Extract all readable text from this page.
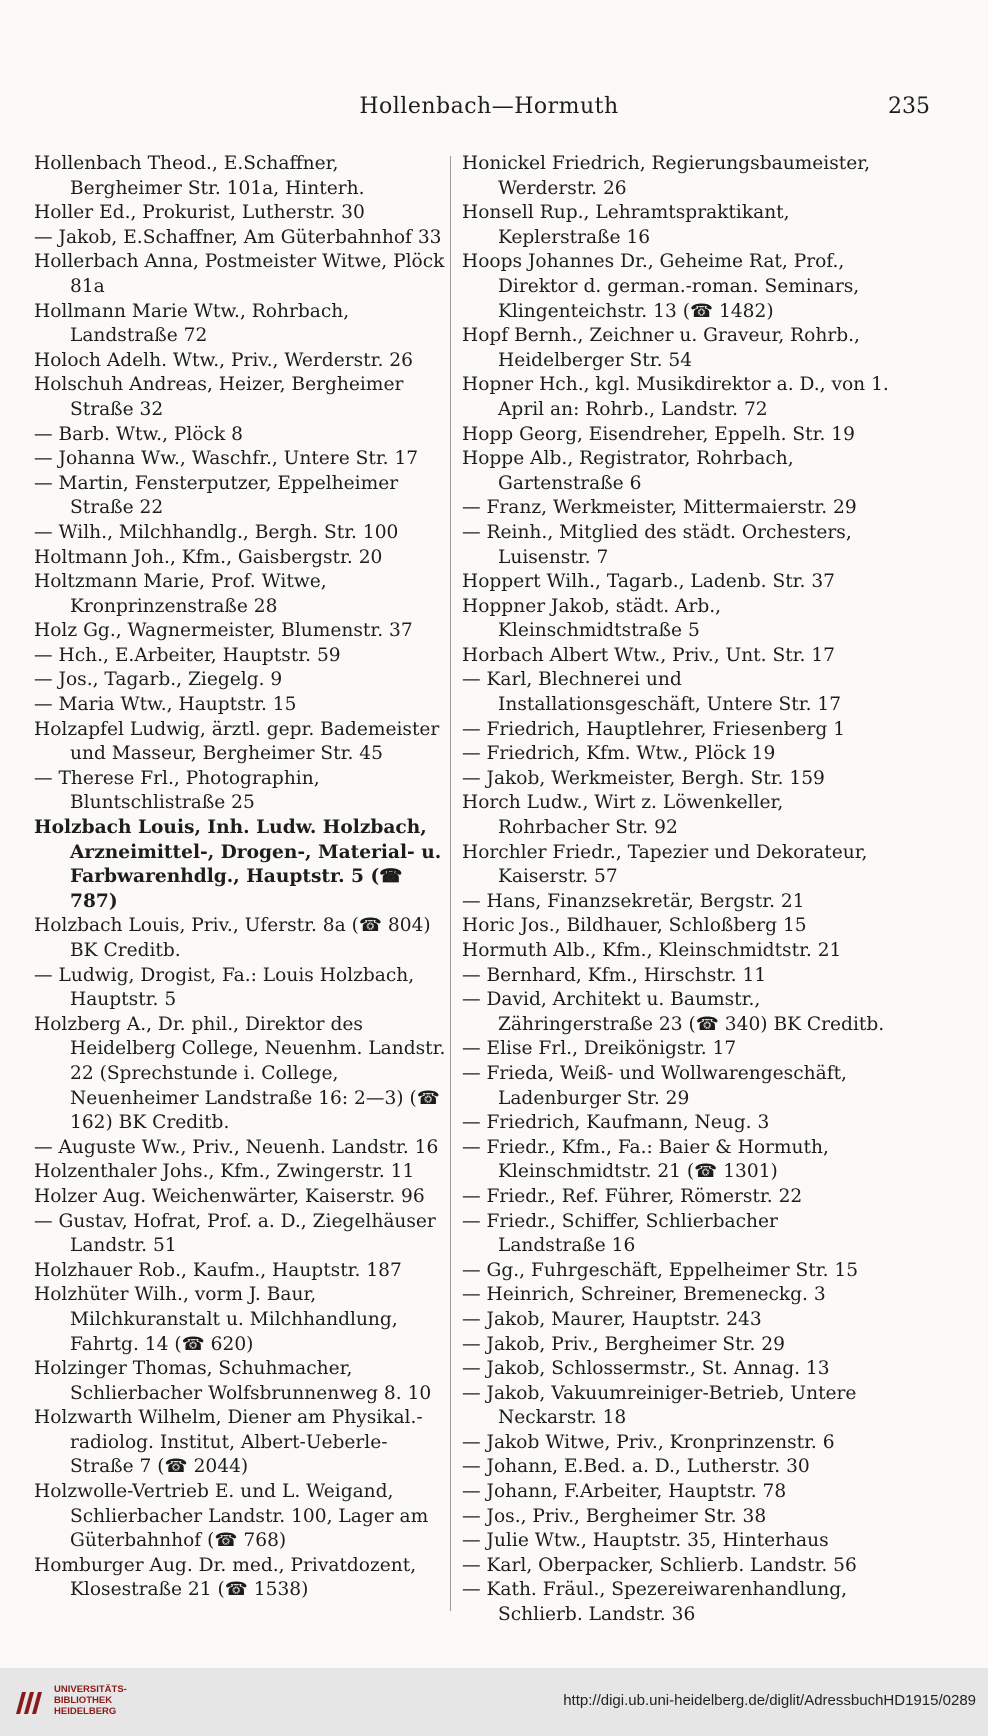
Hollenbach—Hormuth	235
Hollenbach Theod., E.Schaffner, Bergheimer Str. 101a, Hinterh.
Holler Ed., Prokurist, Lutherstr. 30
— Jakob, E.Schaffner, Am Güterbahnhof 33
Hollerbach Anna, Postmeister Witwe, Plöck 81a
Hollmann Marie Wtw., Rohrbach, Landstraße 72
Holoch Adelh. Wtw., Priv., Werderstr. 26
Holschuh Andreas, Heizer, Bergheimer Straße 32
— Barb. Wtw., Plöck 8
— Johanna Ww., Waschfr., Untere Str. 17
— Martin, Fensterputzer, Eppelheimer Straße 22
— Wilh., Milchhandlg., Bergh. Str. 100
Holtmann Joh., Kfm., Gaisbergstr. 20
Holtzmann Marie, Prof. Witwe, Kronprinzenstraße 28
Holz Gg., Wagnermeister, Blumenstr. 37
— Hch., E.Arbeiter, Hauptstr. 59
— Jos., Tagarb., Ziegelg. 9
— Maria Wtw., Hauptstr. 15
Holzapfel Ludwig, ärztl. gepr. Bademeister und Masseur, Bergheimer Str. 45
— Therese Frl., Photographin, Bluntschlistraße 25
Holzbach Louis, Inh. Ludw. Holzbach, Arzneimittel-, Drogen-, Material- u. Farbwarenhdlg., Hauptstr. 5 (☎ 787)
Holzbach Louis, Priv., Uferstr. 8a (☎ 804) BK Creditb.
— Ludwig, Drogist, Fa.: Louis Holzbach, Hauptstr. 5
Holzberg A., Dr. phil., Direktor des Heidelberg College, Neuenhm. Landstr. 22 (Sprechstunde i. College, Neuenheimer Landstraße 16: 2—3) (☎ 162) BK Creditb.
— Auguste Ww., Priv., Neuenh. Landstr. 16
Holzenthaler Johs., Kfm., Zwingerstr. 11
Holzer Aug. Weichenwärter, Kaiserstr. 96
— Gustav, Hofrat, Prof. a. D., Ziegelhäuser Landstr. 51
Holzhauer Rob., Kaufm., Hauptstr. 187
Holzhüter Wilh., vorm J. Baur, Milchkuranstalt u. Milchhandlung, Fahrtg. 14 (☎ 620)
Holzinger Thomas, Schuhmacher, Schlierbacher Wolfsbrunnenweg 8. 10
Holzwarth Wilhelm, Diener am Physikal.-radiolog. Institut, Albert-Ueberle-Straße 7 (☎ 2044)
Holzwolle-Vertrieb E. und L. Weigand, Schlierbacher Landstr. 100, Lager am Güterbahnhof (☎ 768)
Homburger Aug. Dr. med., Privatdozent, Klosestraße 21 (☎ 1538)
Honickel Friedrich, Regierungsbaumeister, Werderstr. 26
Honsell Rup., Lehramtspraktikant, Keplerstraße 16
Hoops Johannes Dr., Geheime Rat, Prof., Direktor d. german.-roman. Seminars, Klingenteichstr. 13 (☎ 1482)
Hopf Bernh., Zeichner u. Graveur, Rohrb., Heidelberger Str. 54
Hopner Hch., kgl. Musikdirektor a. D., von 1. April an: Rohrb., Landstr. 72
Hopp Georg, Eisendreher, Eppelh. Str. 19
Hoppe Alb., Registrator, Rohrbach, Gartenstraße 6
— Franz, Werkmeister, Mittermaierstr. 29
— Reinh., Mitglied des städt. Orchesters, Luisenstr. 7
Hoppert Wilh., Tagarb., Ladenb. Str. 37
Hoppner Jakob, städt. Arb., Kleinschmidtstraße 5
Horbach Albert Wtw., Priv., Unt. Str. 17
— Karl, Blechnerei und Installationsgeschäft, Untere Str. 17
— Friedrich, Hauptlehrer, Friesenberg 1
— Friedrich, Kfm. Wtw., Plöck 19
— Jakob, Werkmeister, Bergh. Str. 159
Horch Ludw., Wirt z. Löwenkeller, Rohrbacher Str. 92
Horchler Friedr., Tapezier und Dekorateur, Kaiserstr. 57
— Hans, Finanzsekretär, Bergstr. 21
Horic Jos., Bildhauer, Schloßberg 15
Hormuth Alb., Kfm., Kleinschmidtstr. 21
— Bernhard, Kfm., Hirschstr. 11
— David, Architekt u. Baumstr., Zähringerstraße 23 (☎ 340) BK Creditb.
— Elise Frl., Dreikönigstr. 17
— Frieda, Weiß- und Wollwarengeschäft, Ladenburger Str. 29
— Friedrich, Kaufmann, Neug. 3
— Friedr., Kfm., Fa.: Baier & Hormuth, Kleinschmidtstr. 21 (☎ 1301)
— Friedr., Ref. Führer, Römerstr. 22
— Friedr., Schiffer, Schlierbacher Landstraße 16
— Gg., Fuhrgeschäft, Eppelheimer Str. 15
— Heinrich, Schreiner, Bremeneckg. 3
— Jakob, Maurer, Hauptstr. 243
— Jakob, Priv., Bergheimer Str. 29
— Jakob, Schlossermstr., St. Annag. 13
— Jakob, Vakuumreiniger-Betrieb, Untere Neckarstr. 18
— Jakob Witwe, Priv., Kronprinzenstr. 6
— Johann, E.Bed. a. D., Lutherstr. 30
— Johann, F.Arbeiter, Hauptstr. 78
— Jos., Priv., Bergheimer Str. 38
— Julie Wtw., Hauptstr. 35, Hinterhaus
— Karl, Oberpacker, Schlierb. Landstr. 56
— Kath. Fräul., Spezereiwarenhandlung, Schlierb. Landstr. 36
UNIVERSITÄTS-
BIBLIOTHEK
HEIDELBERG
http://digi.ub.uni-heidelberg.de/diglit/AdressbuchHD1915/0289
